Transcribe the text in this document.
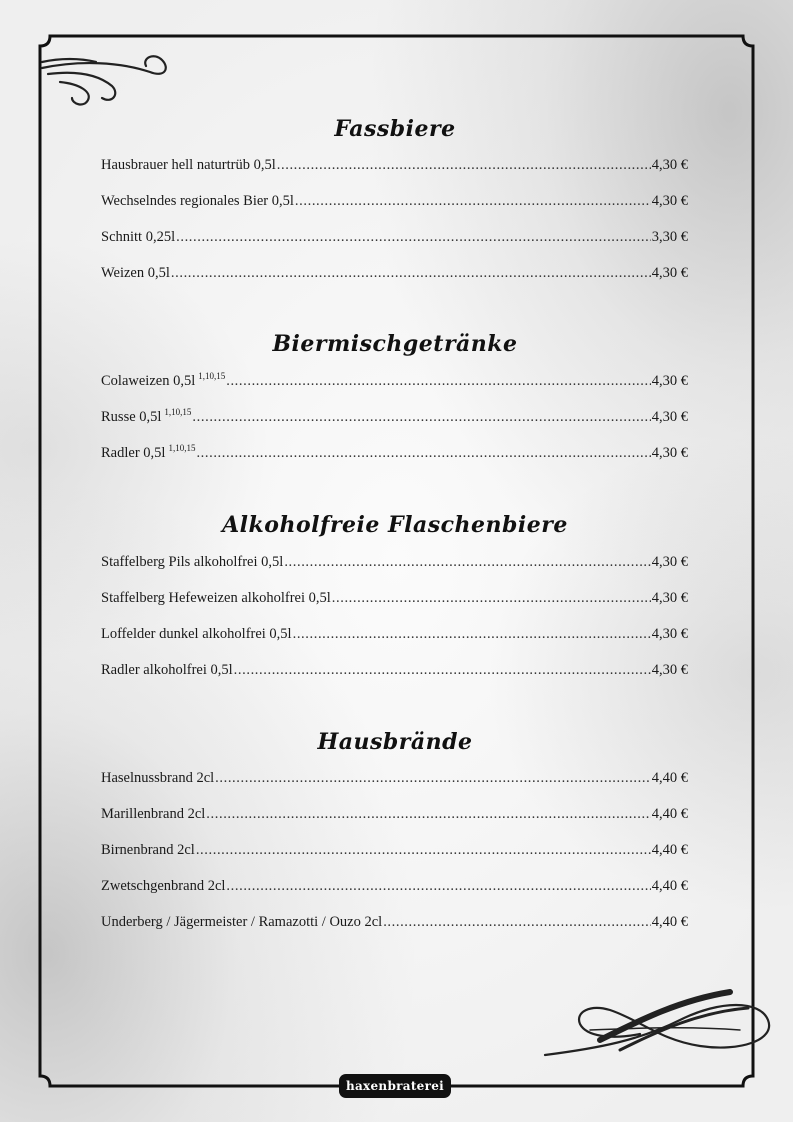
Fassbiere
Hausbrauer hell naturtrüb 0,5l .....	4,30 €
Wechselndes regionales Bier 0,5l .....	4,30 €
Schnitt 0,25l .....	3,30 €
Weizen 0,5l .....	4,30 €
Biermischgetränke
Colaweizen 0,5l $^{1,10,15}$ .....	4,30 €
Russe 0,5l $^{1,10,15}$ .....	4,30 €
Radler 0,5l $^{1,10,15}$ .....	4,30 €
Alkoholfreie Flaschenbiere
Staffelberg Pils alkoholfrei 0,5l .....	4,30 €
Staffelberg Hefeweizen alkoholfrei 0,5l .....	4,30 €
Loffelder dunkel alkoholfrei 0,5l .....	4,30 €
Radler alkoholfrei 0,5l .....	4,30 €
Hausbrände
Haselnussbrand 2cl .....	4,40 €
Marillenbrand 2cl .....	4,40 €
Birnenbrand 2cl .....	4,40 €
Zwetschgenbrand 2cl .....	4,40 €
Underberg / Jägermeister / Ramazotti / Ouzo 2cl .....	4,40 €
haxenbraterei
